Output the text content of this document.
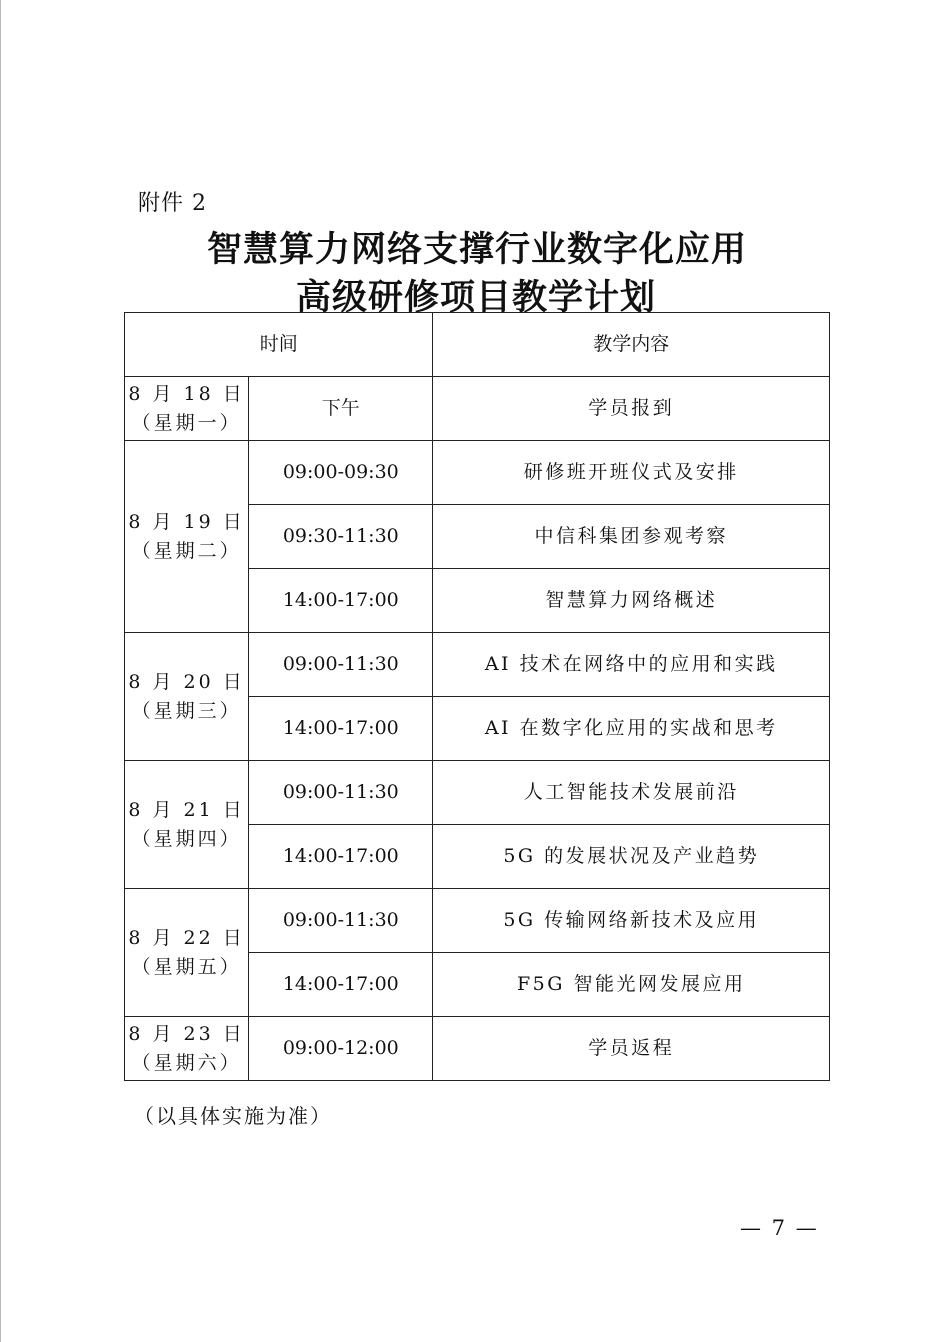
附件 2
智慧算力网络支撑行业数字化应用
高级研修项目教学计划
时间		教学内容

8 月 18 日
（星期一）	下午	学员报到

8 月 19 日
（星期二）	09:00-09:30	研修班开班仪式及安排
	09:30-11:30	中信科集团参观考察
	14:00-17:00	智慧算力网络概述

8 月 20 日
（星期三）	09:00-11:30	AI 技术在网络中的应用和实践
	14:00-17:00	AI 在数字化应用的实战和思考

8 月 21 日
（星期四）	09:00-11:30	人工智能技术发展前沿
	14:00-17:00	5G 的发展状况及产业趋势

8 月 22 日
（星期五）	09:00-11:30	5G 传输网络新技术及应用
	14:00-17:00	F5G 智能光网发展应用

8 月 23 日
（星期六）	09:00-12:00	学员返程
（以具体实施为准）
— 7 —
